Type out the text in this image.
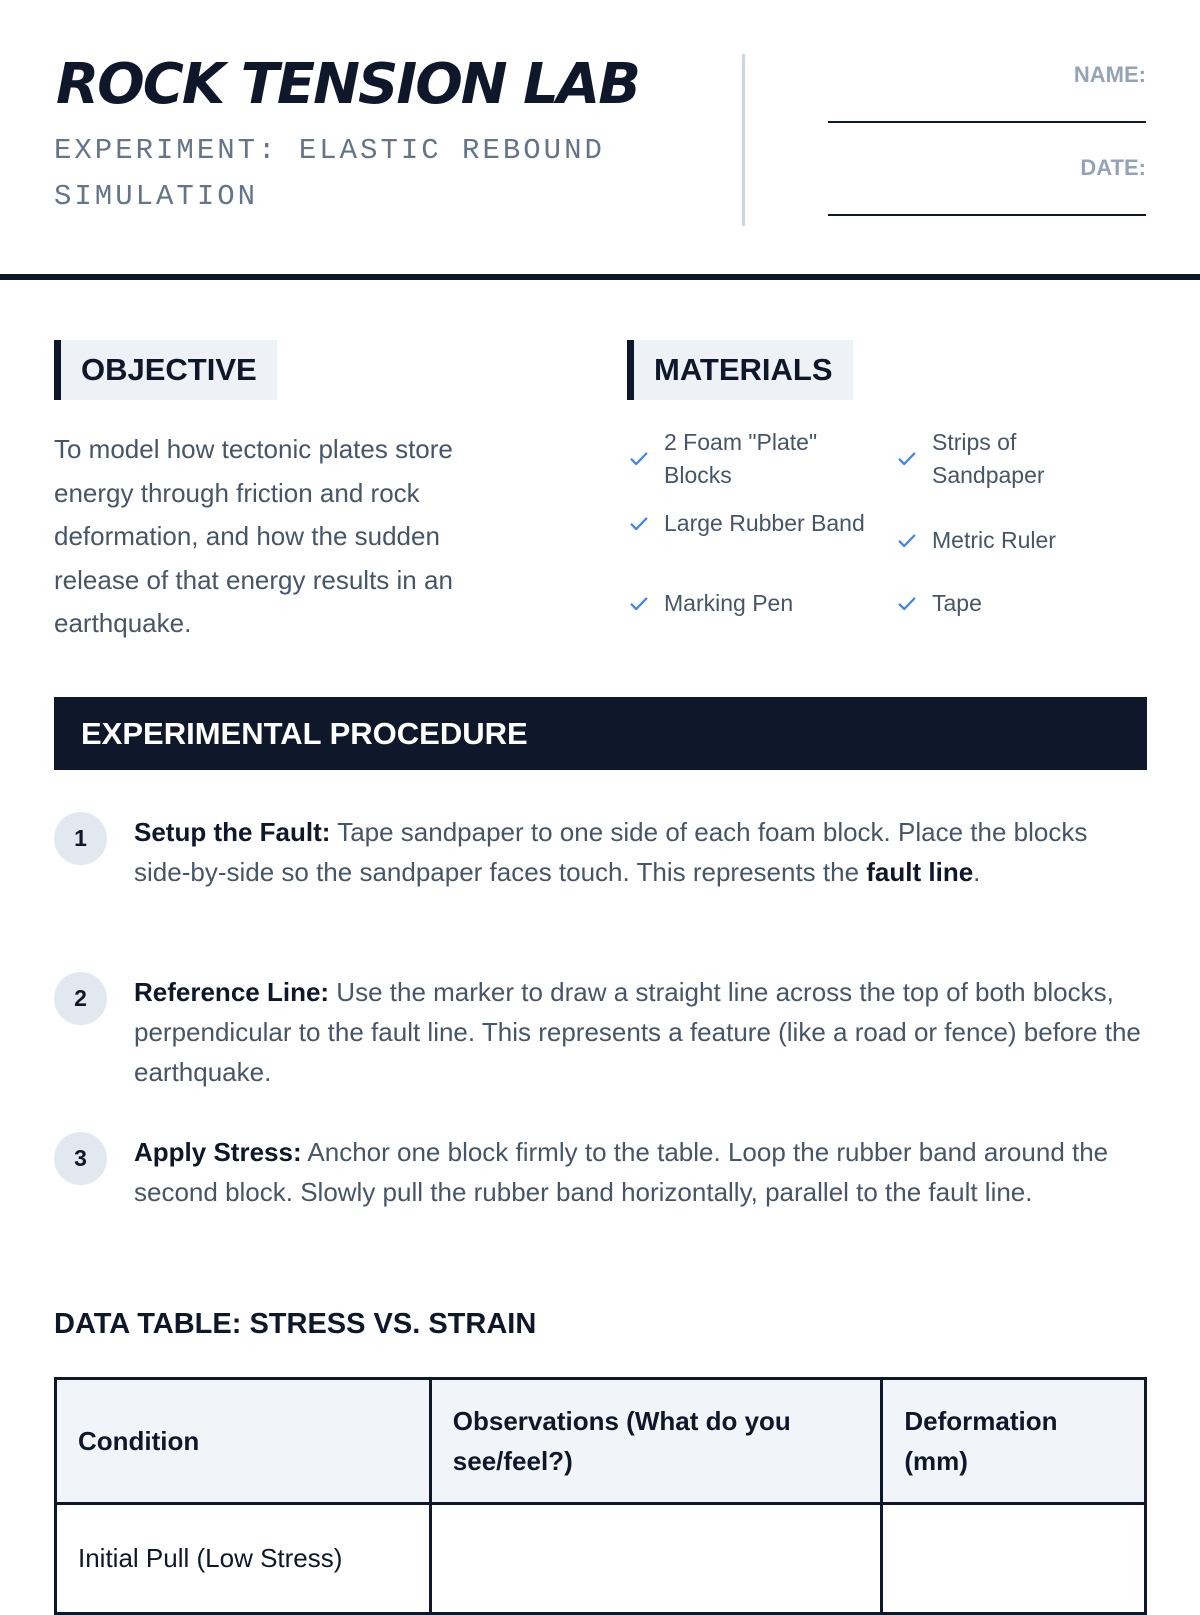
ROCK TENSION LAB
EXPERIMENT: ELASTIC REBOUND SIMULATION
NAME:
DATE:
OBJECTIVE

To model how tectonic plates store energy through friction and rock deformation, and how the sudden release of that energy results in an earthquake.

MATERIALS
2 Foam "Plate" Blocks
Strips of Sandpaper
Large Rubber Band
Metric Ruler
Marking Pen	Tape
EXPERIMENTAL PROCEDURE
1	Setup the Fault: Tape sandpaper to one side of each foam block. Place the blocks side-by-side so the sandpaper faces touch. This represents the fault line.

2	Reference Line: Use the marker to draw a straight line across the top of both blocks, perpendicular to the fault line. This represents a feature (like a road or fence) before the earthquake.

3	Apply Stress: Anchor one block firmly to the table. Loop the rubber band around the second block. Slowly pull the rubber band horizontally, parallel to the fault line.

DATA TABLE: STRESS VS. STRAIN
Condition	Observations (What do you see/feel?)	Deformation (mm)
Initial Pull (Low Stress)		
